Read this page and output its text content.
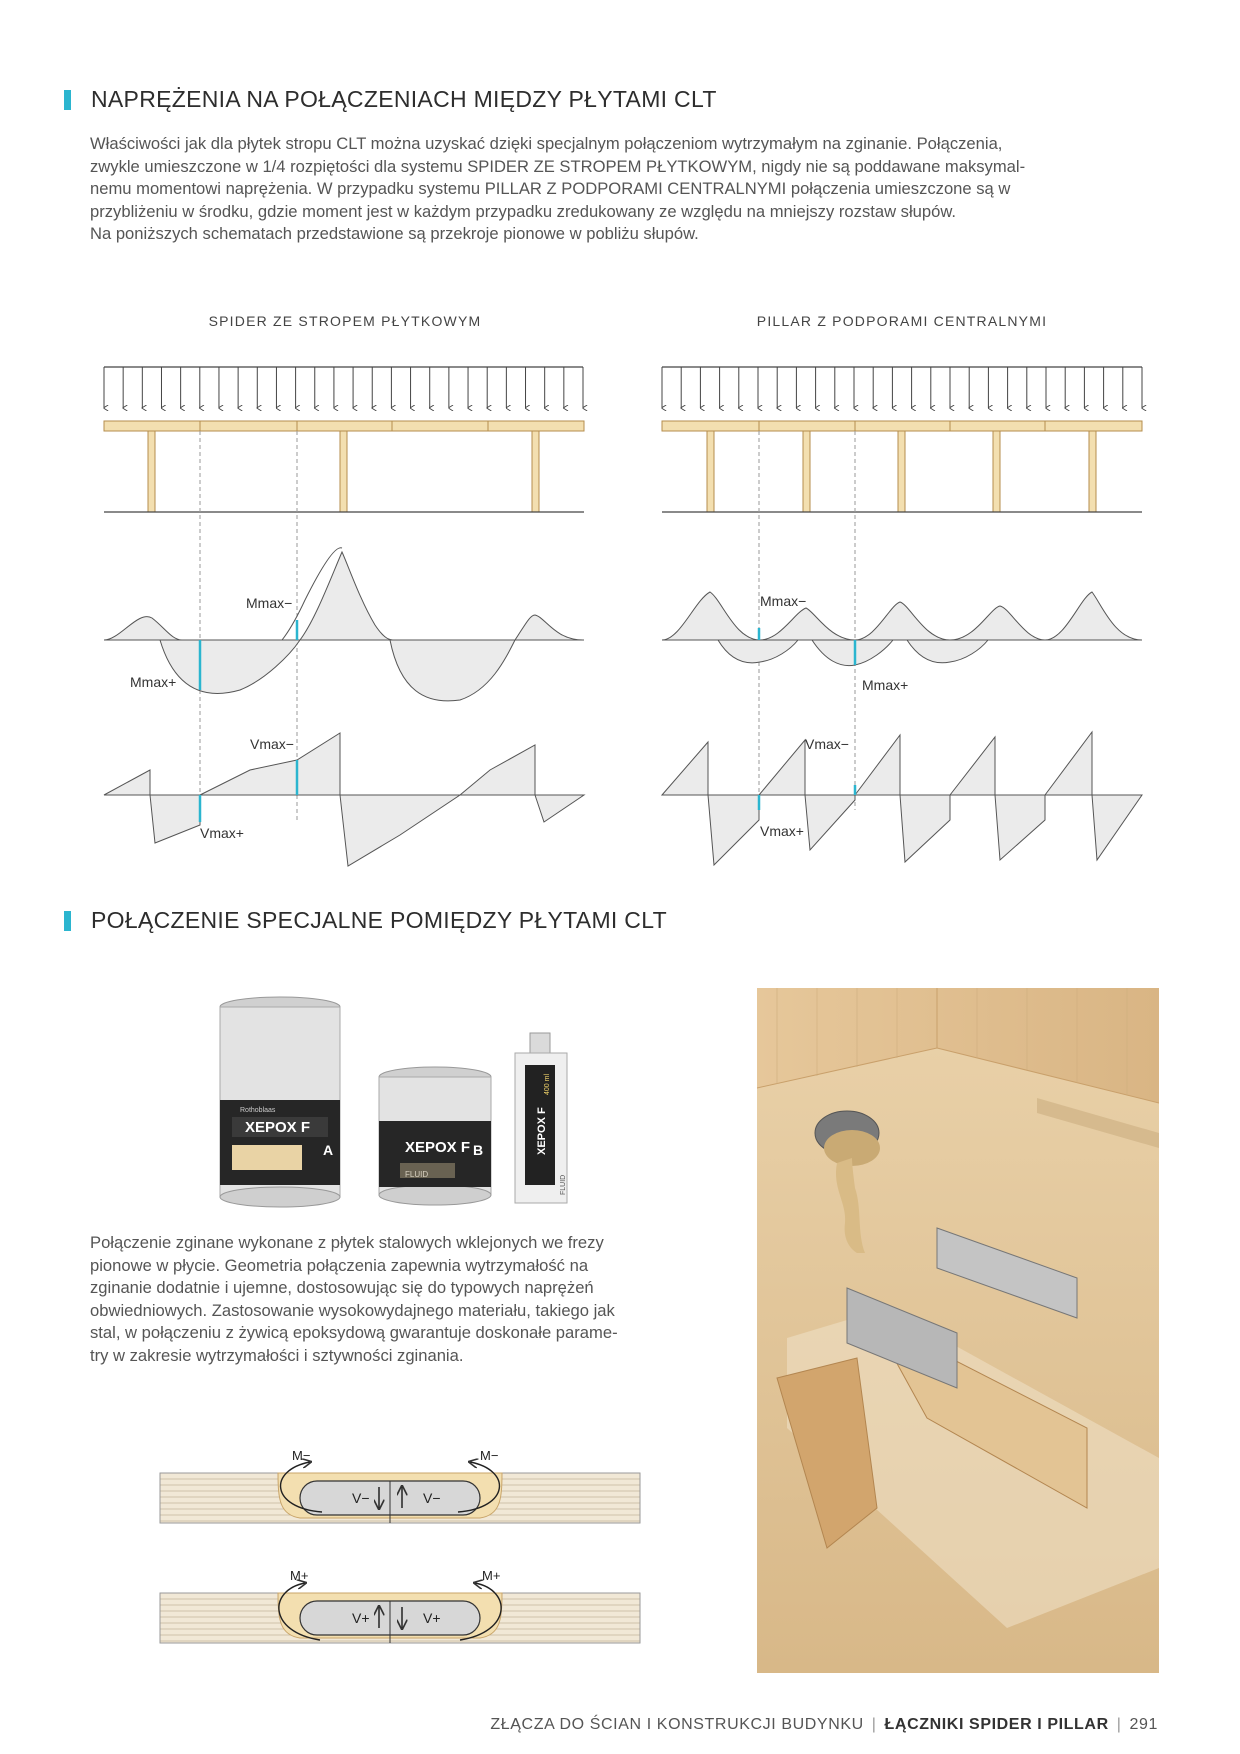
NAPRĘŻENIA NA POŁĄCZENIACH MIĘDZY PŁYTAMI CLT

Właściwości jak dla płytek stropu CLT można uzyskać dzięki specjalnym połączeniom wytrzymałym na zginanie. Połączenia,
zwykle umieszczone w 1/4 rozpiętości dla systemu SPIDER ZE STROPEM PŁYTKOWYM, nigdy nie są poddawane maksymal-
nemu momentowi naprężenia. W przypadku systemu PILLAR Z PODPORAMI CENTRALNYMI połączenia umieszczone są w
przybliżeniu w środku, gdzie moment jest w każdym przypadku zredukowany ze względu na mniejszy rozstaw słupów.
Na poniższych schematach przedstawione są przekroje pionowe w pobliżu słupów.

SPIDER ZE STROPEM PŁYTKOWYM	PILLAR Z PODPORAMI CENTRALNYMI
Mmax−
Mmax+
Vmax−
Vmax+
Mmax−
Mmax+
Vmax−
Vmax+
POŁĄCZENIE SPECJALNE POMIĘDZY PŁYTAMI CLT
XEPOX F
A
Rothoblaas
XEPOX F B
FLUID
XEPOX F
400 ml
FLUID

Połączenie zginane wykonane z płytek stalowych wklejonych we frezy
pionowe w płycie. Geometria połączenia zapewnia wytrzymałość na
zginanie dodatnie i ujemne, dostosowując się do typowych naprężeń
obwiedniowych. Zastosowanie wysokowydajnego materiału, takiego jak
stal, w połączeniu z żywicą epoksydową gwarantuje doskonałe parame-
try w zakresie wytrzymałości i sztywności zginania.

M−	M−
V−	V−
M+	M+
V+	V+
ZŁĄCZA DO ŚCIAN I KONSTRUKCJI BUDYNKU | ŁĄCZNIKI SPIDER I PILLAR | 291
